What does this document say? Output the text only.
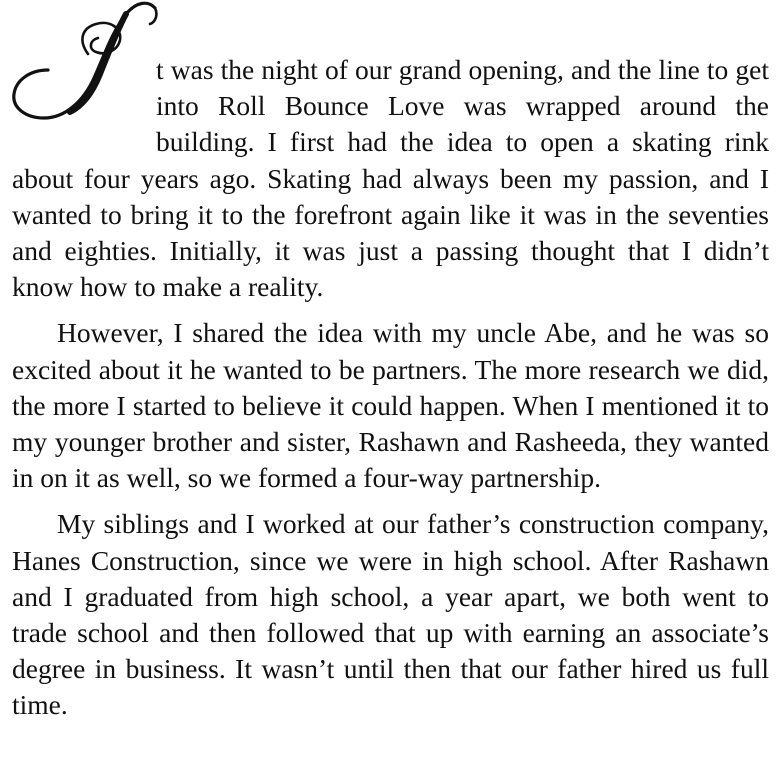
t was the night of our grand opening, and the line to get into Roll Bounce Love was wrapped around the building. I first had the idea to open a skating rink about four years ago. Skating had always been my passion, and I wanted to bring it to the forefront again like it was in the seventies and eighties. Initially, it was just a passing thought that I didn’t know how to make a reality.

However, I shared the idea with my uncle Abe, and he was so excited about it he wanted to be partners. The more research we did, the more I started to believe it could happen. When I mentioned it to my younger brother and sister, Rashawn and Rasheeda, they wanted in on it as well, so we formed a four-way partnership.

My siblings and I worked at our father’s construction company, Hanes Construction, since we were in high school. After Rashawn and I graduated from high school, a year apart, we both went to trade school and then followed that up with earning an associate’s degree in business. It wasn’t until then that our father hired us full time.
